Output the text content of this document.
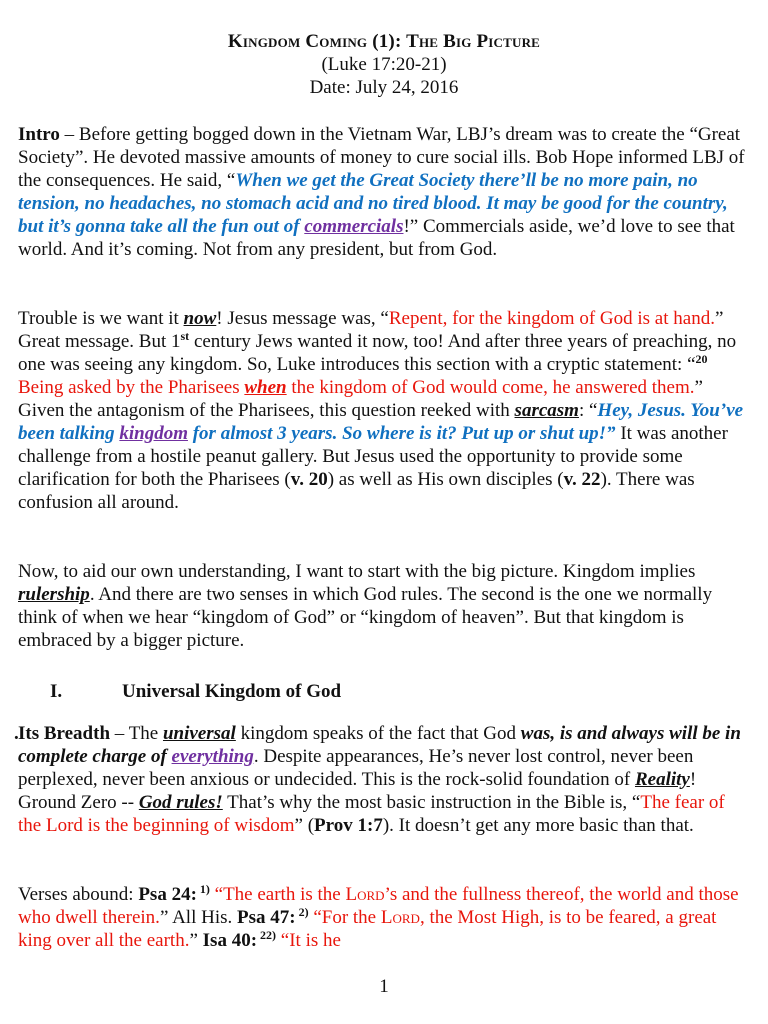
Kingdom Coming (1): The Big Picture
(Luke 17:20-21)
Date: July 24, 2016

Intro – Before getting bogged down in the Vietnam War, LBJ’s dream was to create the “Great Society”. He devoted massive amounts of money to cure social ills. Bob Hope informed LBJ of the consequences. He said, “When we get the Great Society there’ll be no more pain, no tension, no headaches, no stomach acid and no tired blood. It may be good for the country, but it’s gonna take all the fun out of commercials!” Commercials aside, we’d love to see that world. And it’s coming. Not from any president, but from God.

Trouble is we want it now! Jesus message was, “Repent, for the kingdom of God is at hand.” Great message. But 1st century Jews wanted it now, too! And after three years of preaching, no one was seeing any kingdom. So, Luke introduces this section with a cryptic statement: “$^{20}$ Being asked by the Pharisees when the kingdom of God would come, he answered them.” Given the antagonism of the Pharisees, this question reeked with sarcasm: “Hey, Jesus. You’ve been talking kingdom for almost 3 years. So where is it? Put up or shut up!” It was another challenge from a hostile peanut gallery. But Jesus used the opportunity to provide some clarification for both the Pharisees (v. 20) as well as His own disciples (v. 22). There was confusion all around.

Now, to aid our own understanding, I want to start with the big picture. Kingdom implies rulership. And there are two senses in which God rules. The second is the one we normally think of when we hear “kingdom of God” or “kingdom of heaven”. But that kingdom is embraced by a bigger picture.

I.	Universal Kingdom of God
. Its Breadth – The universal kingdom speaks of the fact that God was, is and always will be in complete charge of everything. Despite appearances, He’s never lost control, never been perplexed, never been anxious or undecided. This is the rock-solid foundation of Reality! Ground Zero -- God rules! That’s why the most basic instruction in the Bible is, “The fear of the Lord is the beginning of wisdom” (Prov 1:7). It doesn’t get any more basic than that.

Verses abound: Psa 24: $^{1)}$ “The earth is the Lord’s and the fullness thereof, the world and those who dwell therein.” All His. Psa 47: $^{2)}$ “For the Lord, the Most High, is to be feared, a great king over all the earth.” Isa 40: $^{22)}$ “It is he

1
